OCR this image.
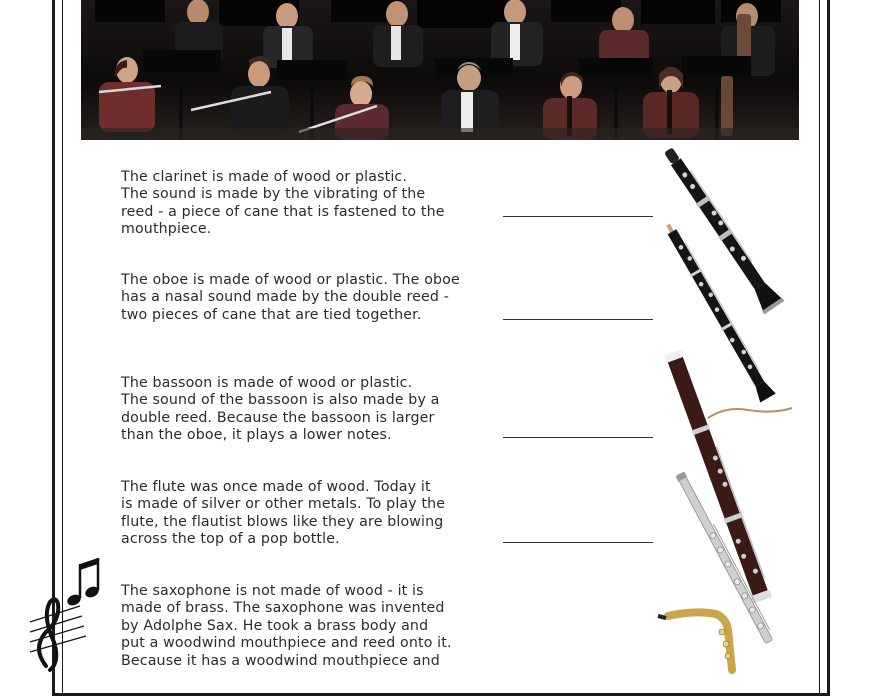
The clarinet is made of wood or plastic.

The sound is made by the vibrating of the

reed - a piece of cane that is fastened to the

mouthpiece.

The oboe is made of wood or plastic. The oboe

has a nasal sound made by the double reed -

two pieces of cane that are tied together.

The bassoon is made of wood or plastic.

The sound of the bassoon is also made by a

double reed. Because the bassoon is larger

than the oboe, it plays a lower notes.

The flute was once made of wood. Today it

is made of silver or other metals. To play the

flute, the flautist blows like they are blowing

across the top of a pop bottle.

The saxophone is not made of wood - it is

made of brass. The saxophone was invented

by Adolphe Sax. He took a brass body and

put a woodwind mouthpiece and reed onto it.

Because it has a woodwind mouthpiece and
